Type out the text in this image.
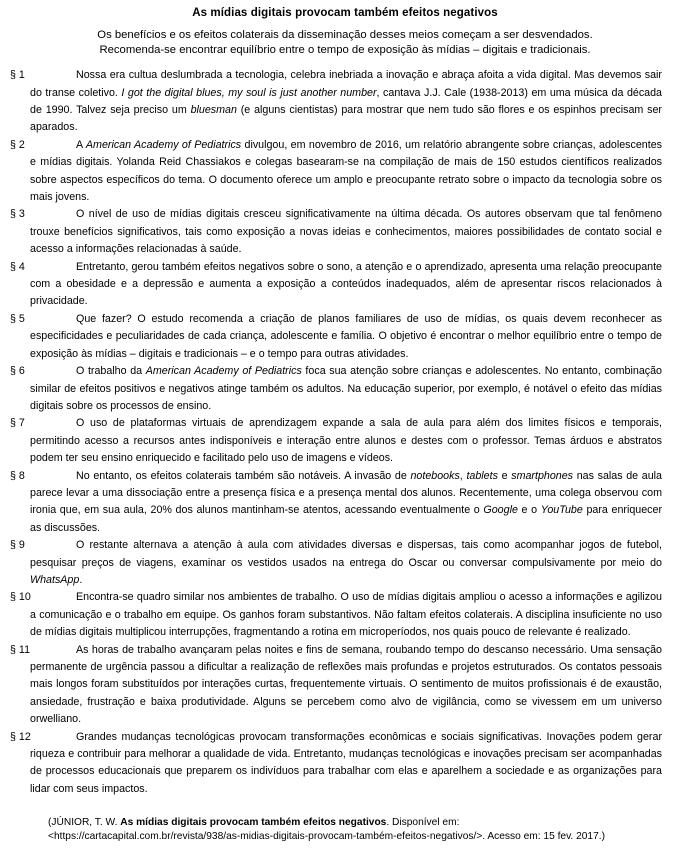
As mídias digitais provocam também efeitos negativos
Os benefícios e os efeitos colaterais da disseminação desses meios começam a ser desvendados.
Recomenda-se encontrar equilíbrio entre o tempo de exposição às mídias – digitais e tradicionais.
§ 1	Nossa era cultua deslumbrada a tecnologia, celebra inebriada a inovação e abraça afoita a vida digital. Mas devemos sair do transe coletivo. I got the digital blues, my soul is just another number, cantava J.J. Cale (1938-2013) em uma música da década de 1990. Talvez seja preciso um bluesman (e alguns cientistas) para mostrar que nem tudo são flores e os espinhos precisam ser aparados.
§ 2	A American Academy of Pediatrics divulgou, em novembro de 2016, um relatório abrangente sobre crianças, adolescentes e mídias digitais. Yolanda Reid Chassiakos e colegas basearam-se na compilação de mais de 150 estudos científicos realizados sobre aspectos específicos do tema. O documento oferece um amplo e preocupante retrato sobre o impacto da tecnologia sobre os mais jovens.
§ 3	O nível de uso de mídias digitais cresceu significativamente na última década. Os autores observam que tal fenômeno trouxe benefícios significativos, tais como exposição a novas ideias e conhecimentos, maiores possibilidades de contato social e acesso a informações relacionadas à saúde.
§ 4	Entretanto, gerou também efeitos negativos sobre o sono, a atenção e o aprendizado, apresenta uma relação preocupante com a obesidade e a depressão e aumenta a exposição a conteúdos inadequados, além de apresentar riscos relacionados à privacidade.
§ 5	Que fazer? O estudo recomenda a criação de planos familiares de uso de mídias, os quais devem reconhecer as especificidades e peculiaridades de cada criança, adolescente e família. O objetivo é encontrar o melhor equilíbrio entre o tempo de exposição às mídias – digitais e tradicionais – e o tempo para outras atividades.
§ 6	O trabalho da American Academy of Pediatrics foca sua atenção sobre crianças e adolescentes. No entanto, combinação similar de efeitos positivos e negativos atinge também os adultos. Na educação superior, por exemplo, é notável o efeito das mídias digitais sobre os processos de ensino.
§ 7	O uso de plataformas virtuais de aprendizagem expande a sala de aula para além dos limites físicos e temporais, permitindo acesso a recursos antes indisponíveis e interação entre alunos e destes com o professor. Temas árduos e abstratos podem ter seu ensino enriquecido e facilitado pelo uso de imagens e vídeos.
§ 8	No entanto, os efeitos colaterais também são notáveis. A invasão de notebooks, tablets e smartphones nas salas de aula parece levar a uma dissociação entre a presença física e a presença mental dos alunos. Recentemente, uma colega observou com ironia que, em sua aula, 20% dos alunos mantinham-se atentos, acessando eventualmente o Google e o YouTube para enriquecer as discussões.
§ 9	O restante alternava a atenção à aula com atividades diversas e dispersas, tais como acompanhar jogos de futebol, pesquisar preços de viagens, examinar os vestidos usados na entrega do Oscar ou conversar compulsivamente por meio do WhatsApp.
§ 10	Encontra-se quadro similar nos ambientes de trabalho. O uso de mídias digitais ampliou o acesso a informações e agilizou a comunicação e o trabalho em equipe. Os ganhos foram substantivos. Não faltam efeitos colaterais. A disciplina insuficiente no uso de mídias digitais multiplicou interrupções, fragmentando a rotina em microperíodos, nos quais pouco de relevante é realizado.
§ 11	As horas de trabalho avançaram pelas noites e fins de semana, roubando tempo do descanso necessário. Uma sensação permanente de urgência passou a dificultar a realização de reflexões mais profundas e projetos estruturados. Os contatos pessoais mais longos foram substituídos por interações curtas, frequentemente virtuais. O sentimento de muitos profissionais é de exaustão, ansiedade, frustração e baixa produtividade. Alguns se percebem como alvo de vigilância, como se vivessem em um universo orwelliano.
§ 12	Grandes mudanças tecnológicas provocam transformações econômicas e sociais significativas. Inovações podem gerar riqueza e contribuir para melhorar a qualidade de vida. Entretanto, mudanças tecnológicas e inovações precisam ser acompanhadas de processos educacionais que preparem os indivíduos para trabalhar com elas e aparelhem a sociedade e as organizações para lidar com seus impactos.
(JÚNIOR, T. W. As mídias digitais provocam também efeitos negativos. Disponível em:
<https://cartacapital.com.br/revista/938/as-midias-digitais-provocam-também-efeitos-negativos/>. Acesso em: 15 fev. 2017.)
